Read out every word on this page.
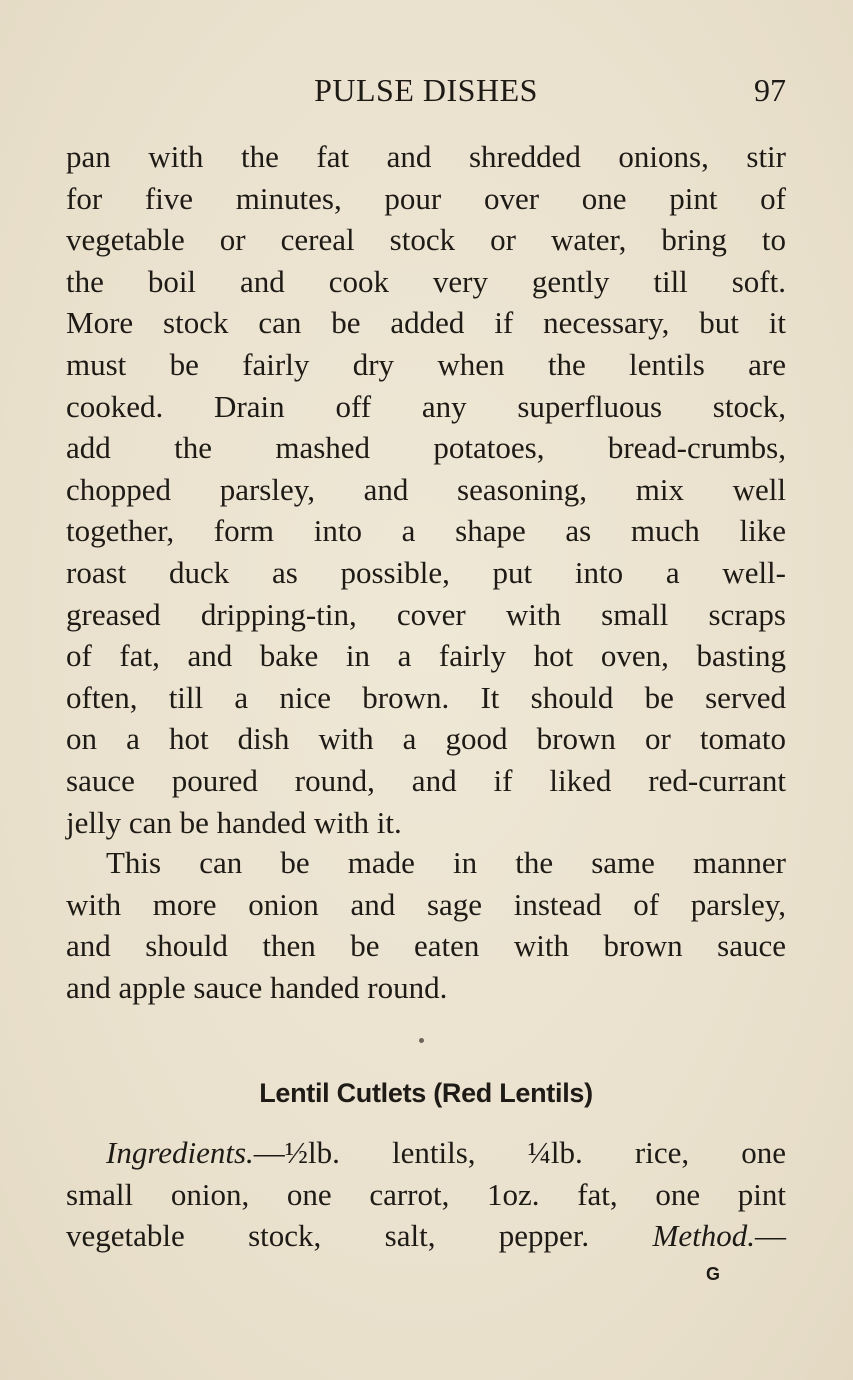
PULSE DISHES	97

pan with the fat and shredded onions, stir
for five minutes, pour over one pint of
vegetable or cereal stock or water, bring to
the boil and cook very gently till soft.
More stock can be added if necessary, but it
must be fairly dry when the lentils are
cooked. Drain off any superfluous stock,
add the mashed potatoes, bread-crumbs,
chopped parsley, and seasoning, mix well
together, form into a shape as much like
roast duck as possible, put into a well-
greased dripping-tin, cover with small scraps
of fat, and bake in a fairly hot oven, basting
often, till a nice brown. It should be served
on a hot dish with a good brown or tomato
sauce poured round, and if liked red-currant
jelly can be handed with it.

This can be made in the same manner
with more onion and sage instead of parsley,
and should then be eaten with brown sauce
and apple sauce handed round.

Lentil Cutlets (Red Lentils)

Ingredients.—½lb. lentils, ¼lb. rice, one
small onion, one carrot, 1oz. fat, one pint
vegetable stock, salt, pepper. Method.—

G
